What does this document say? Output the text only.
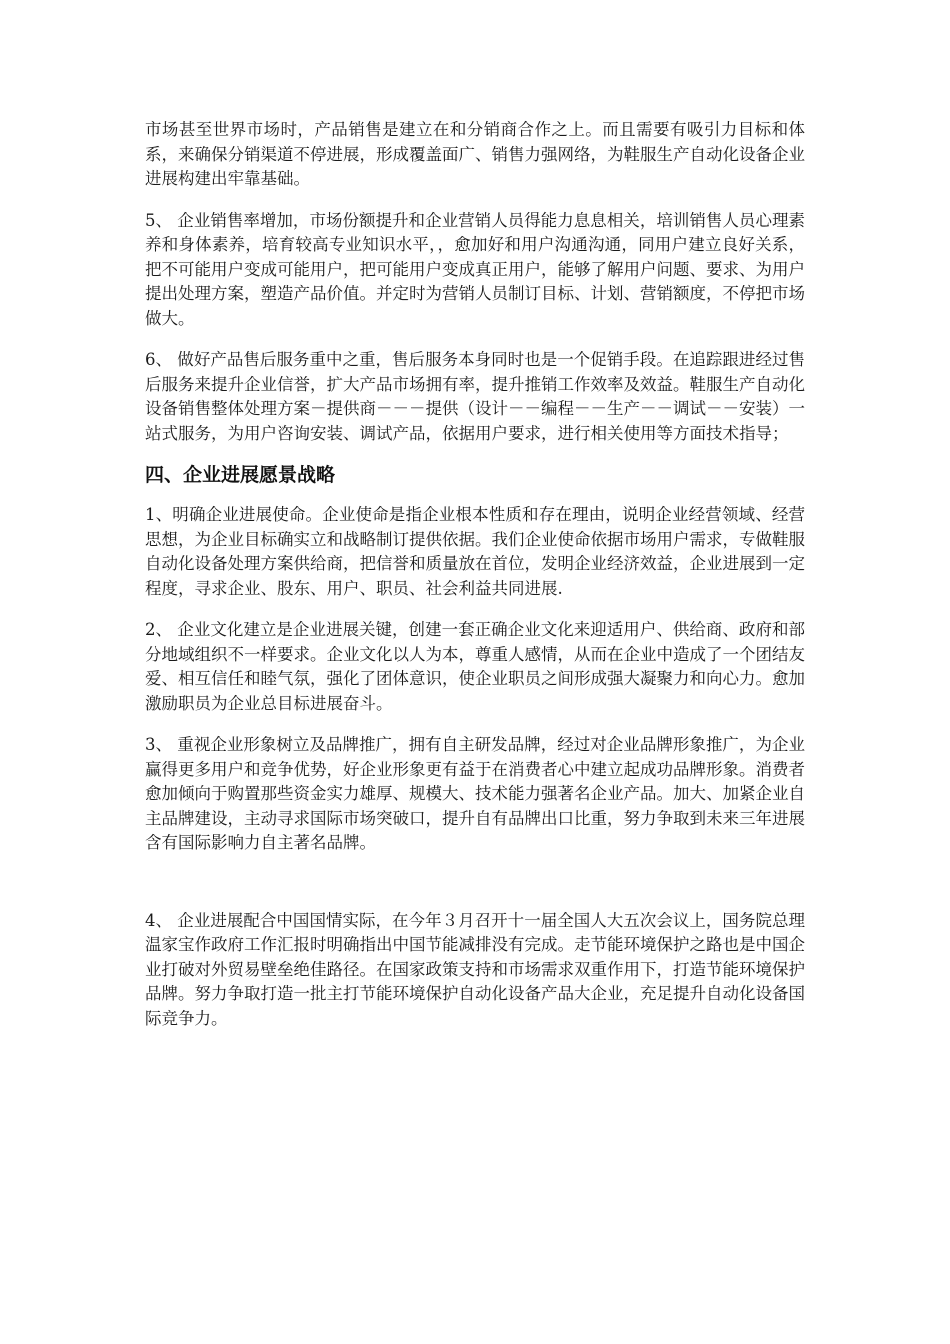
市场甚至世界市场时，产品销售是建立在和分销商合作之上。而且需要有吸引力目标和体系，来确保分销渠道不停进展，形成覆盖面广、销售力强网络，为鞋服生产自动化设备企业进展构建出牢靠基础。

5、 企业销售率增加，市场份额提升和企业营销人员得能力息息相关，培训销售人员心理素养和身体素养，培育较高专业知识水平，，愈加好和用户沟通沟通，同用户建立良好关系，把不可能用户变成可能用户，把可能用户变成真正用户，能够了解用户问题、要求、为用户提出处理方案，塑造产品价值。并定时为营销人员制订目标、计划、营销额度，不停把市场做大。

6、 做好产品售后服务重中之重，售后服务本身同时也是一个促销手段。在追踪跟进经过售后服务来提升企业信誉，扩大产品市场拥有率，提升推销工作效率及效益。鞋服生产自动化设备销售整体处理方案－提供商－－－提供（设计－－编程－－生产－－调试－－安装）一站式服务，为用户咨询安装、调试产品，依据用户要求，进行相关使用等方面技术指导；

四、企业进展愿景战略

1、明确企业进展使命。企业使命是指企业根本性质和存在理由，说明企业经营领域、经营思想，为企业目标确实立和战略制订提供依据。我们企业使命依据市场用户需求，专做鞋服自动化设备处理方案供给商，把信誉和质量放在首位，发明企业经济效益，企业进展到一定程度，寻求企业、股东、用户、职员、社会利益共同进展.

2、 企业文化建立是企业进展关键，创建一套正确企业文化来迎适用户、供给商、政府和部分地域组织不一样要求。企业文化以人为本，尊重人感情，从而在企业中造成了一个团结友爱、相互信任和睦气氛，强化了团体意识，使企业职员之间形成强大凝聚力和向心力。愈加激励职员为企业总目标进展奋斗。

3、 重视企业形象树立及品牌推广，拥有自主研发品牌，经过对企业品牌形象推广，为企业赢得更多用户和竞争优势，好企业形象更有益于在消费者心中建立起成功品牌形象。消费者愈加倾向于购置那些资金实力雄厚、规模大、技术能力强著名企业产品。加大、加紧企业自主品牌建设，主动寻求国际市场突破口，提升自有品牌出口比重，努力争取到未来三年进展含有国际影响力自主著名品牌。

4、 企业进展配合中国国情实际，在今年３月召开十一届全国人大五次会议上，国务院总理温家宝作政府工作汇报时明确指出中国节能减排没有完成。走节能环境保护之路也是中国企业打破对外贸易壁垒绝佳路径。在国家政策支持和市场需求双重作用下，打造节能环境保护品牌。努力争取打造一批主打节能环境保护自动化设备产品大企业，充足提升自动化设备国际竞争力。
